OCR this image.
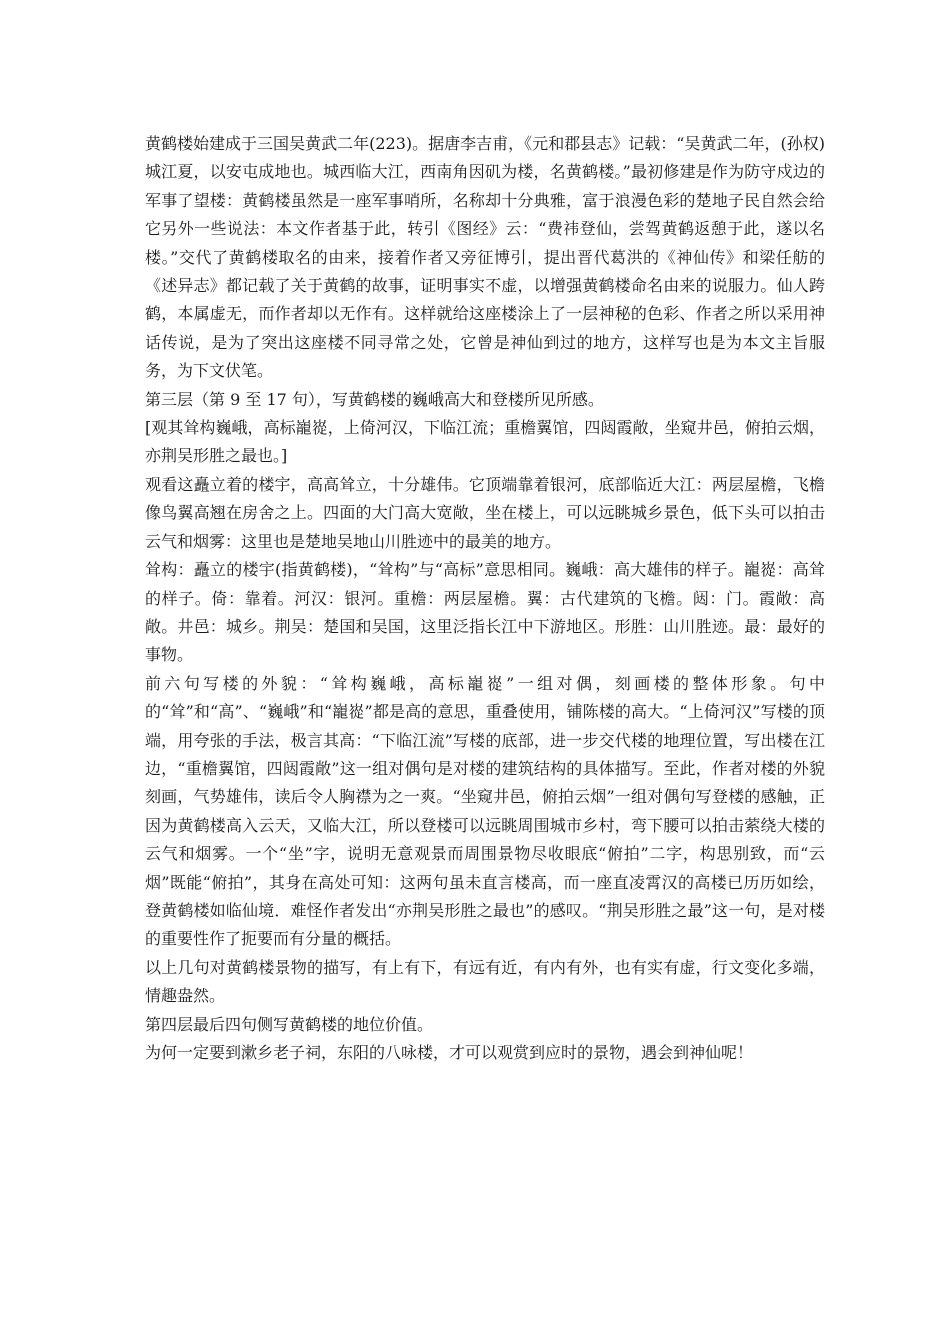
黄鹤楼始建成于三国吴黄武二年(223)。据唐李吉甫，《元和郡县志》记载：“吴黄武二年，(孙权)城江夏，以安屯成地也。城西临大江，西南角因矶为楼，名黄鹤楼。”最初修建是作为防守戍边的军事了望楼：黄鹤楼虽然是一座军事哨所，名称却十分典雅，富于浪漫色彩的楚地子民自然会给它另外一些说法：本文作者基于此，转引《图经》云：“费祎登仙，尝驾黄鹤返憩于此，遂以名楼。”交代了黄鹤楼取名的由来，接着作者又旁征博引，提出晋代葛洪的《神仙传》和梁任舫的《述异志》都记载了关于黄鹤的故事，证明事实不虚，以增强黄鹤楼命名由来的说服力。仙人跨鹤，本属虚无，而作者却以无作有。这样就给这座楼涂上了一层神秘的色彩、作者之所以采用神话传说，是为了突出这座楼不同寻常之处，它曾是神仙到过的地方，这样写也是为本文主旨服务，为下文伏笔。

第三层（第 9 至 17 句），写黄鹤楼的巍峨高大和登楼所见所感。

[观其耸构巍峨，高标巃嵸，上倚河汉，下临江流；重檐翼馆，四闼霞敞，坐窥井邑，俯拍云烟，亦荆吴形胜之最也。]

观看这矗立着的楼宇，高高耸立，十分雄伟。它顶端靠着银河，底部临近大江：两层屋檐，飞檐像鸟翼高翘在房舍之上。四面的大门高大宽敞，坐在楼上，可以远眺城乡景色，低下头可以拍击云气和烟雾：这里也是楚地吴地山川胜迹中的最美的地方。

耸构：矗立的楼宇(指黄鹤楼)，“耸构”与“高标”意思相同。巍峨：高大雄伟的样子。巃嵸：高耸的样子。倚：靠着。河汉：银河。重檐：两层屋檐。翼：古代建筑的飞檐。闼：门。霞敞：高敞。井邑：城乡。荆吴：楚国和吴国，这里泛指长江中下游地区。形胜：山川胜迹。最：最好的事物。

前六句写楼的外貌：“耸构巍峨，高标巃嵸”一组对偶，刻画楼的整体形象。句中的“耸”和“高”、“巍峨”和“巃嵸”都是高的意思，重叠使用，铺陈楼的高大。“上倚河汉”写楼的顶端，用夸张的手法，极言其高：“下临江流”写楼的底部，进一步交代楼的地理位置，写出楼在江边，“重檐翼馆，四闼霞敞”这一组对偶句是对楼的建筑结构的具体描写。至此，作者对楼的外貌刻画，气势雄伟，读后令人胸襟为之一爽。“坐窥井邑，俯拍云烟”一组对偶句写登楼的感触，正因为黄鹤楼高入云天，又临大江，所以登楼可以远眺周围城市乡村，弯下腰可以拍击萦绕大楼的云气和烟雾。一个“坐”字，说明无意观景而周围景物尽收眼底“俯拍”二字，构思别致，而“云烟”既能“俯拍”，其身在高处可知：这两句虽未直言楼高，而一座直凌霄汉的高楼已历历如绘，登黄鹤楼如临仙境．难怪作者发出“亦荆吴形胜之最也”的感叹。“荆吴形胜之最”这一句，是对楼的重要性作了扼要而有分量的概括。

以上几句对黄鹤楼景物的描写，有上有下，有远有近，有内有外，也有实有虚，行文变化多端，情趣盎然。

第四层最后四句侧写黄鹤楼的地位价值。

为何一定要到漱乡老子祠，东阳的八咏楼，才可以观赏到应时的景物，遇会到神仙呢！
